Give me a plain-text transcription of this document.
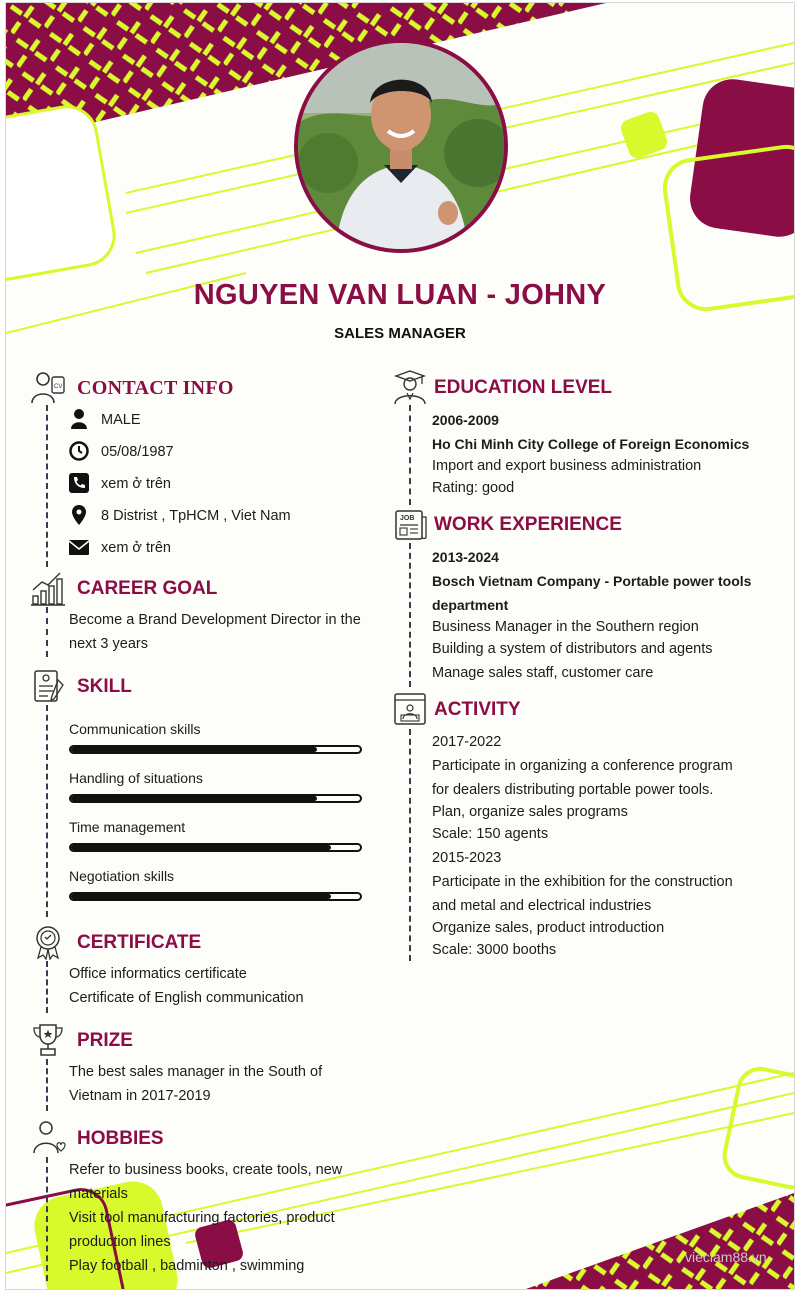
NGUYEN VAN LUAN - JOHNY
SALES MANAGER
CV CONTACT INFO
MALE
05/08/1987
xem ở trên
8 Distrist , TpHCM , Viet Nam
xem ở trên
CAREER GOAL
Become a Brand Development Director in the
next 3 years
SKILL
Communication skills
Handling of situations
Time management
Negotiation skills
CERTIFICATE
Office informatics certificate
Certificate of English communication
PRIZE
The best sales manager in the South of
Vietnam in 2017-2019
HOBBIES
Refer to business books, create tools, new
materials
Visit tool manufacturing factories, product
production lines
Play football , badminton , swimming
EDUCATION LEVEL
2006-2009
Ho Chi Minh City College of Foreign Economics
Import and export business administration
Rating: good
JOB WORK EXPERIENCE
2013-2024
Bosch Vietnam Company - Portable power tools
department
Business Manager in the Southern region
Building a system of distributors and agents
Manage sales staff, customer care
ACTIVITY
2017-2022
Participate in organizing a conference program
for dealers distributing portable power tools.
Plan, organize sales programs
Scale: 150 agents
2015-2023
Participate in the exhibition for the construction
and metal and electrical industries
Organize sales, product introduction
Scale: 3000 booths
vieclam88.vn
